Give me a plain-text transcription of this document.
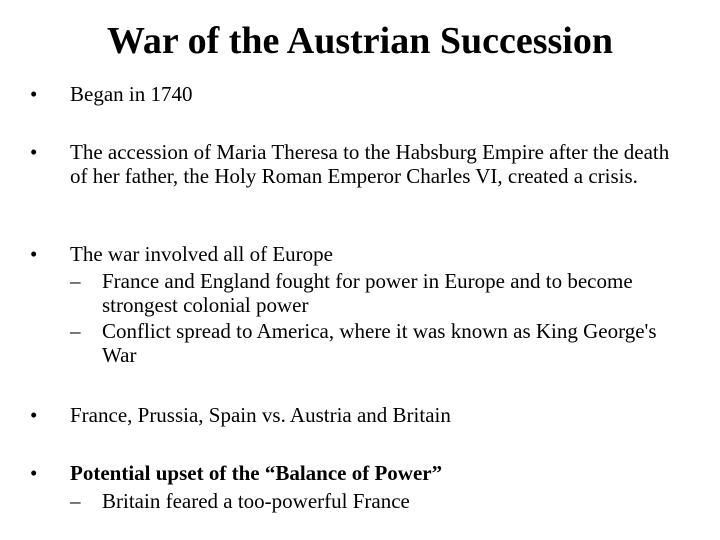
War of the Austrian Succession
•	Began in 1740
•	The accession of Maria Theresa to the Habsburg Empire after the death of her father, the Holy Roman Emperor Charles VI, created a crisis.
•	The war involved all of Europe
–	France and England fought for power in Europe and to become strongest colonial power
–	Conflict spread to America, where it was known as King George's War
•	France, Prussia, Spain vs. Austria and Britain
•	Potential upset of the “Balance of Power”
–	Britain feared a too-powerful France
